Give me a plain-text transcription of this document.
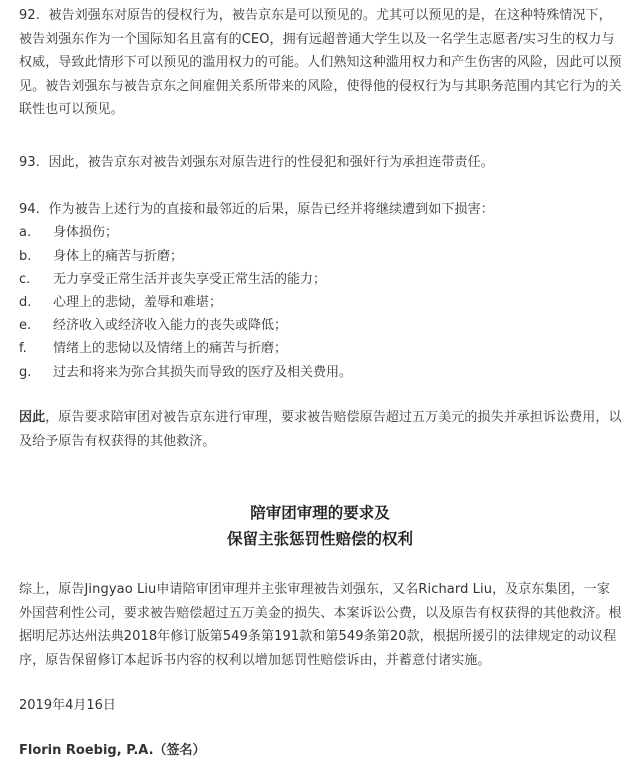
92.  被告刘强东对原告的侵权行为，被告京东是可以预见的。尤其可以预见的是，在这种特殊情况下，被告刘强东作为一个国际知名且富有的CEO，拥有远超普通大学生以及一名学生志愿者/实习生的权力与权威，导致此情形下可以预见的滥用权力的可能。人们熟知这种滥用权力和产生伤害的风险，因此可以预见。被告刘强东与被告京东之间雇佣关系所带来的风险，使得他的侵权行为与其职务范围内其它行为的关联性也可以预见。

93.  因此，被告京东对被告刘强东对原告进行的性侵犯和强奸行为承担连带责任。

94.  作为被告上述行为的直接和最邻近的后果，原告已经并将继续遭到如下损害：

a. 身体损伤；

b. 身体上的痛苦与折磨；

c. 无力享受正常生活并丧失享受正常生活的能力；

d. 心理上的悲恸，羞辱和难堪；

e. 经济收入或经济收入能力的丧失或降低；

f. 情绪上的悲恸以及情绪上的痛苦与折磨；

g. 过去和将来为弥合其损失而导致的医疗及相关费用。

因此，原告要求陪审团对被告京东进行审理，要求被告赔偿原告超过五万美元的损失并承担诉讼费用，以及给予原告有权获得的其他救济。

陪审团审理的要求及
保留主张惩罚性赔偿的权利

综上，原告Jingyao Liu申请陪审团审理并主张审理被告刘强东，又名Richard Liu，及京东集团，一家外国营利性公司，要求被告赔偿超过五万美金的损失、本案诉讼公费，以及原告有权获得的其他救济。根据明尼苏达州法典2018年修订版第549条第191款和第549条第20款，根据所援引的法律规定的动议程序，原告保留修订本起诉书内容的权利以增加惩罚性赔偿诉由，并蓄意付诸实施。

2019年4月16日

Florin Roebig, P.A.（签名）
